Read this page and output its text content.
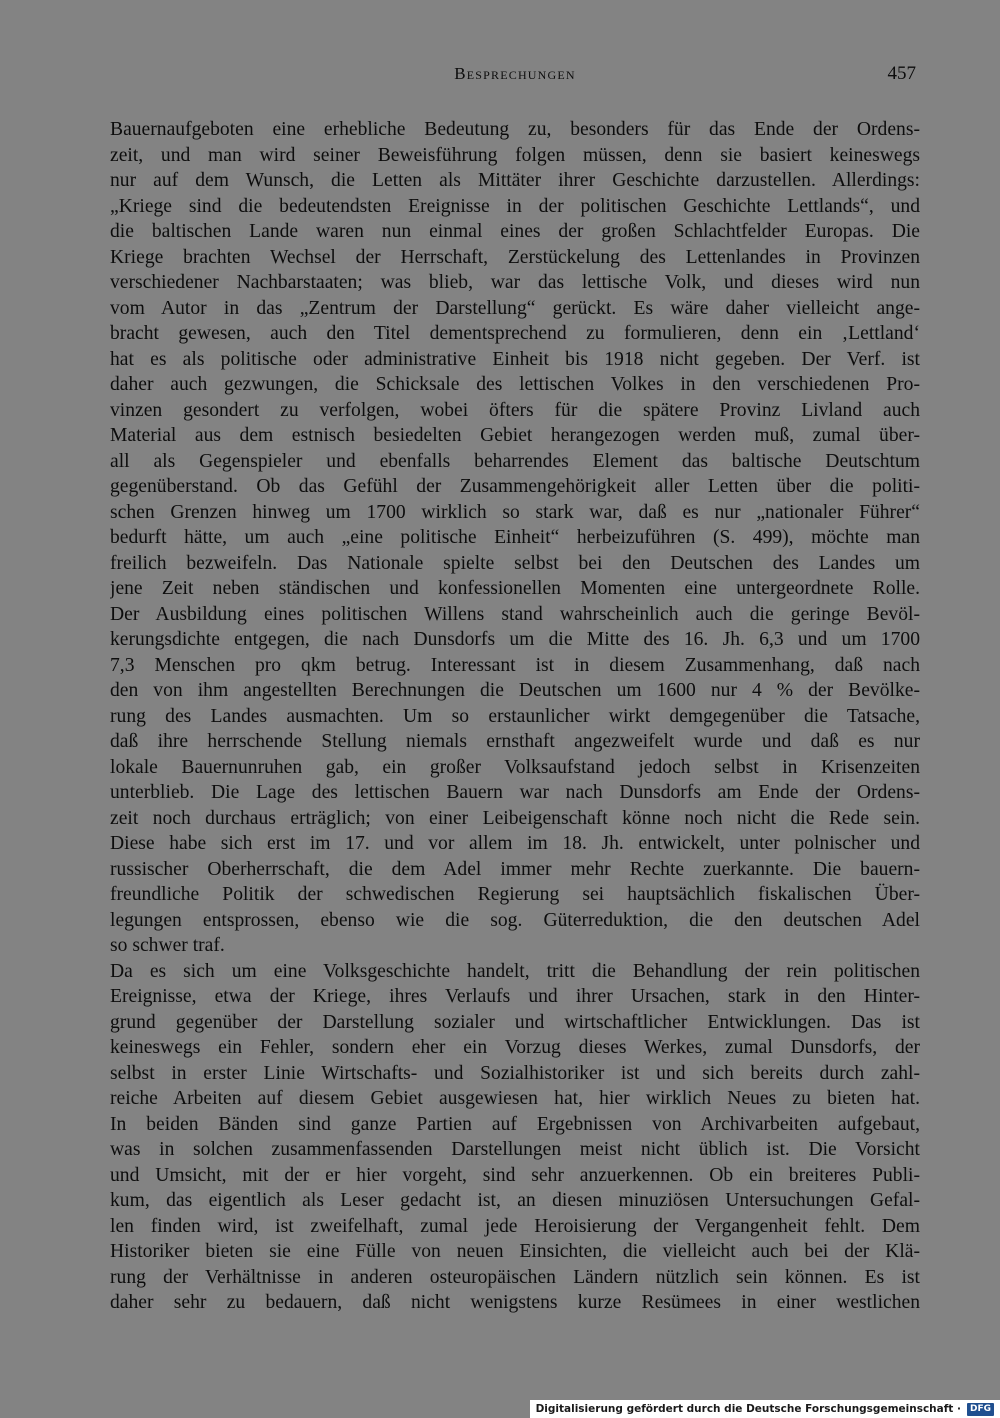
Besprechungen	457
Bauernaufgeboten eine erhebliche Bedeutung zu, besonders für das Ende der Ordens-
zeit, und man wird seiner Beweisführung folgen müssen, denn sie basiert keineswegs
nur auf dem Wunsch, die Letten als Mittäter ihrer Geschichte darzustellen. Allerdings:
„Kriege sind die bedeutendsten Ereignisse in der politischen Geschichte Lettlands“, und
die baltischen Lande waren nun einmal eines der großen Schlachtfelder Europas. Die
Kriege brachten Wechsel der Herrschaft, Zerstückelung des Lettenlandes in Provinzen
verschiedener Nachbarstaaten; was blieb, war das lettische Volk, und dieses wird nun
vom Autor in das „Zentrum der Darstellung“ gerückt. Es wäre daher vielleicht ange-
bracht gewesen, auch den Titel dementsprechend zu formulieren, denn ein ‚Lettland‘
hat es als politische oder administrative Einheit bis 1918 nicht gegeben. Der Verf. ist
daher auch gezwungen, die Schicksale des lettischen Volkes in den verschiedenen Pro-
vinzen gesondert zu verfolgen, wobei öfters für die spätere Provinz Livland auch
Material aus dem estnisch besiedelten Gebiet herangezogen werden muß, zumal über-
all als Gegenspieler und ebenfalls beharrendes Element das baltische Deutschtum
gegenüberstand. Ob das Gefühl der Zusammengehörigkeit aller Letten über die politi-
schen Grenzen hinweg um 1700 wirklich so stark war, daß es nur „nationaler Führer“
bedurft hätte, um auch „eine politische Einheit“ herbeizuführen (S. 499), möchte man
freilich bezweifeln. Das Nationale spielte selbst bei den Deutschen des Landes um
jene Zeit neben ständischen und konfessionellen Momenten eine untergeordnete Rolle.
Der Ausbildung eines politischen Willens stand wahrscheinlich auch die geringe Bevöl-
kerungsdichte entgegen, die nach Dunsdorfs um die Mitte des 16. Jh. 6,3 und um 1700
7,3 Menschen pro qkm betrug. Interessant ist in diesem Zusammenhang, daß nach
den von ihm angestellten Berechnungen die Deutschen um 1600 nur 4 % der Bevölke-
rung des Landes ausmachten. Um so erstaunlicher wirkt demgegenüber die Tatsache,
daß ihre herrschende Stellung niemals ernsthaft angezweifelt wurde und daß es nur
lokale Bauernunruhen gab, ein großer Volksaufstand jedoch selbst in Krisenzeiten
unterblieb. Die Lage des lettischen Bauern war nach Dunsdorfs am Ende der Ordens-
zeit noch durchaus erträglich; von einer Leibeigenschaft könne noch nicht die Rede sein.
Diese habe sich erst im 17. und vor allem im 18. Jh. entwickelt, unter polnischer und
russischer Oberherrschaft, die dem Adel immer mehr Rechte zuerkannte. Die bauern-
freundliche Politik der schwedischen Regierung sei hauptsächlich fiskalischen Über-
legungen entsprossen, ebenso wie die sog. Güterreduktion, die den deutschen Adel
so schwer traf.
Da es sich um eine Volksgeschichte handelt, tritt die Behandlung der rein politischen
Ereignisse, etwa der Kriege, ihres Verlaufs und ihrer Ursachen, stark in den Hinter-
grund gegenüber der Darstellung sozialer und wirtschaftlicher Entwicklungen. Das ist
keineswegs ein Fehler, sondern eher ein Vorzug dieses Werkes, zumal Dunsdorfs, der
selbst in erster Linie Wirtschafts- und Sozialhistoriker ist und sich bereits durch zahl-
reiche Arbeiten auf diesem Gebiet ausgewiesen hat, hier wirklich Neues zu bieten hat.
In beiden Bänden sind ganze Partien auf Ergebnissen von Archivarbeiten aufgebaut,
was in solchen zusammenfassenden Darstellungen meist nicht üblich ist. Die Vorsicht
und Umsicht, mit der er hier vorgeht, sind sehr anzuerkennen. Ob ein breiteres Publi-
kum, das eigentlich als Leser gedacht ist, an diesen minuziösen Untersuchungen Gefal-
len finden wird, ist zweifelhaft, zumal jede Heroisierung der Vergangenheit fehlt. Dem
Historiker bieten sie eine Fülle von neuen Einsichten, die vielleicht auch bei der Klä-
rung der Verhältnisse in anderen osteuropäischen Ländern nützlich sein können. Es ist
daher sehr zu bedauern, daß nicht wenigstens kurze Resümees in einer westlichen
Digitalisierung gefördert durch die Deutsche Forschungsgemeinschaft ·	DFG
